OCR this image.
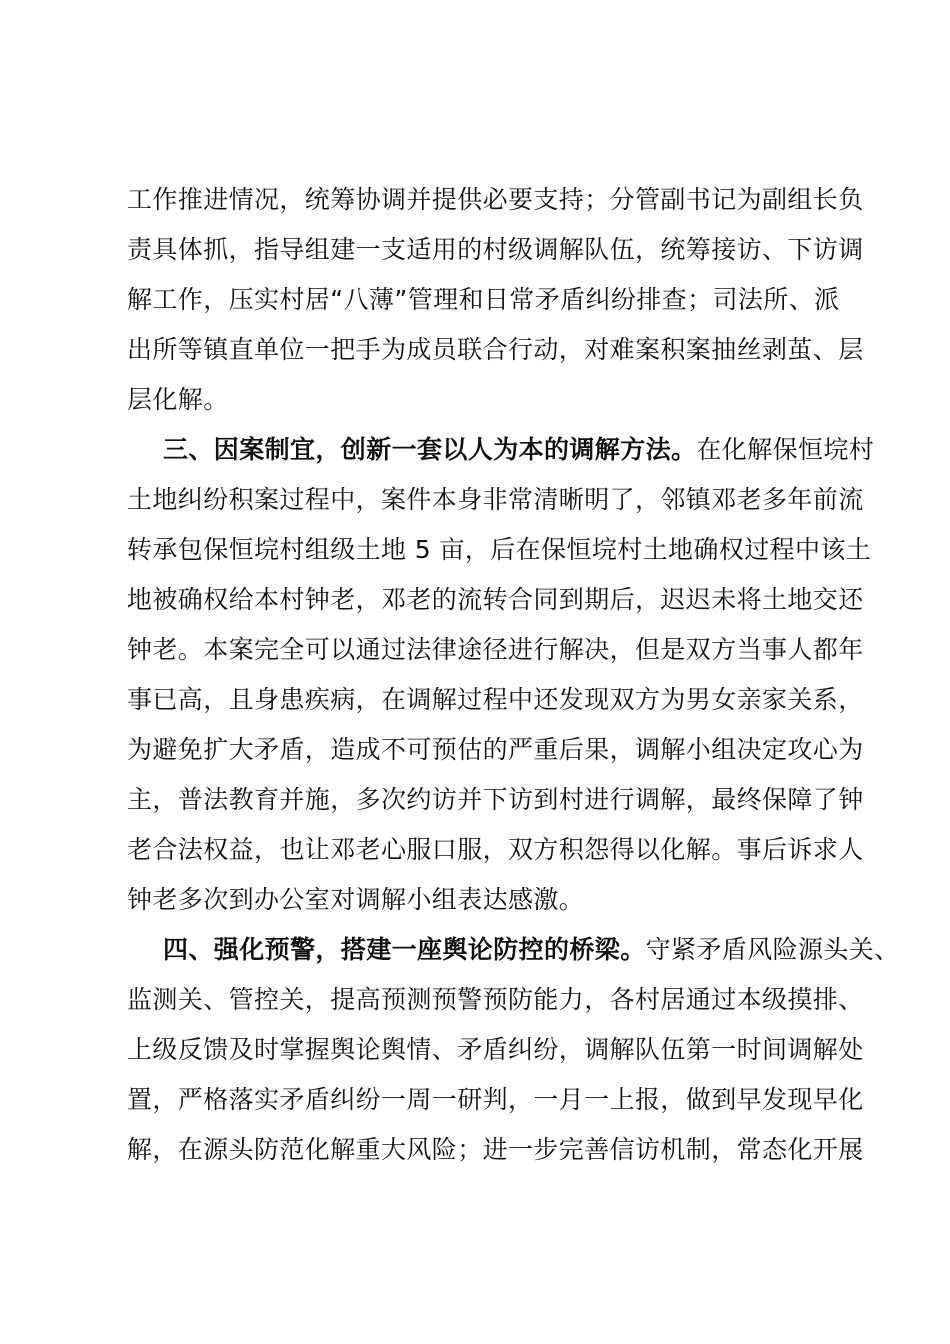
工作推进情况，统筹协调并提供必要支持；分管副书记为副组长负
责具体抓，指导组建一支适用的村级调解队伍，统筹接访、下访调
解工作，压实村居“八薄”管理和日常矛盾纠纷排查；司法所、派
出所等镇直单位一把手为成员联合行动，对难案积案抽丝剥茧、层
层化解。
三、因案制宜，创新一套以人为本的调解方法。在化解保恒垸村
土地纠纷积案过程中，案件本身非常清晰明了，邻镇邓老多年前流
转承包保恒垸村组级土地 5 亩，后在保恒垸村土地确权过程中该土
地被确权给本村钟老，邓老的流转合同到期后，迟迟未将土地交还
钟老。本案完全可以通过法律途径进行解决，但是双方当事人都年
事已高，且身患疾病，在调解过程中还发现双方为男女亲家关系，
为避免扩大矛盾，造成不可预估的严重后果，调解小组决定攻心为
主，普法教育并施，多次约访并下访到村进行调解，最终保障了钟
老合法权益，也让邓老心服口服，双方积怨得以化解。事后诉求人
钟老多次到办公室对调解小组表达感激。
四、强化预警，搭建一座舆论防控的桥梁。守紧矛盾风险源头关、
监测关、管控关，提高预测预警预防能力，各村居通过本级摸排、
上级反馈及时掌握舆论舆情、矛盾纠纷，调解队伍第一时间调解处
置，严格落实矛盾纠纷一周一研判，一月一上报，做到早发现早化
解，在源头防范化解重大风险；进一步完善信访机制，常态化开展
